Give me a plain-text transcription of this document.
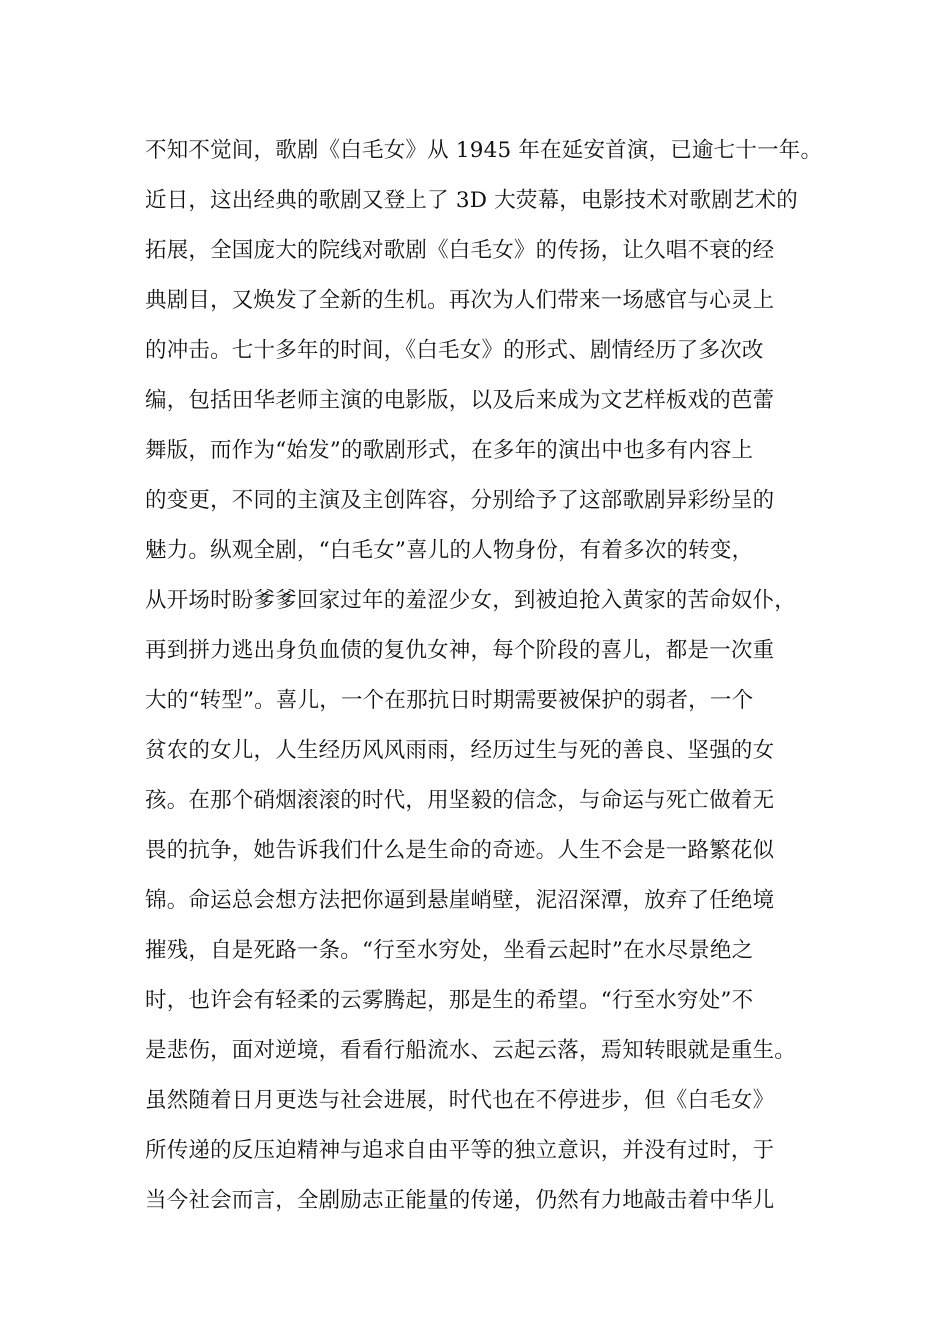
不知不觉间，歌剧《白毛女》从 1945 年在延安首演，已逾七十一年。
近日，这出经典的歌剧又登上了 3D 大荧幕，电影技术对歌剧艺术的
拓展，全国庞大的院线对歌剧《白毛女》的传扬，让久唱不衰的经
典剧目，又焕发了全新的生机。再次为人们带来一场感官与心灵上
的冲击。七十多年的时间，《白毛女》的形式、剧情经历了多次改
编，包括田华老师主演的电影版，以及后来成为文艺样板戏的芭蕾
舞版，而作为“始发”的歌剧形式，在多年的演出中也多有内容上
的变更，不同的主演及主创阵容，分别给予了这部歌剧异彩纷呈的
魅力。纵观全剧，“白毛女”喜儿的人物身份，有着多次的转变，
从开场时盼爹爹回家过年的羞涩少女，到被迫抢入黄家的苦命奴仆，
再到拼力逃出身负血债的复仇女神，每个阶段的喜儿，都是一次重
大的“转型”。喜儿，一个在那抗日时期需要被保护的弱者，一个
贫农的女儿，人生经历风风雨雨，经历过生与死的善良、坚强的女
孩。在那个硝烟滚滚的时代，用坚毅的信念，与命运与死亡做着无
畏的抗争，她告诉我们什么是生命的奇迹。人生不会是一路繁花似
锦。命运总会想方法把你逼到悬崖峭壁，泥沼深潭，放弃了任绝境
摧残，自是死路一条。“行至水穷处，坐看云起时”在水尽景绝之
时，也许会有轻柔的云雾腾起，那是生的希望。“行至水穷处”不
是悲伤，面对逆境，看看行船流水、云起云落，焉知转眼就是重生。
虽然随着日月更迭与社会进展，时代也在不停进步，但《白毛女》
所传递的反压迫精神与追求自由平等的独立意识，并没有过时，于
当今社会而言，全剧励志正能量的传递，仍然有力地敲击着中华儿
